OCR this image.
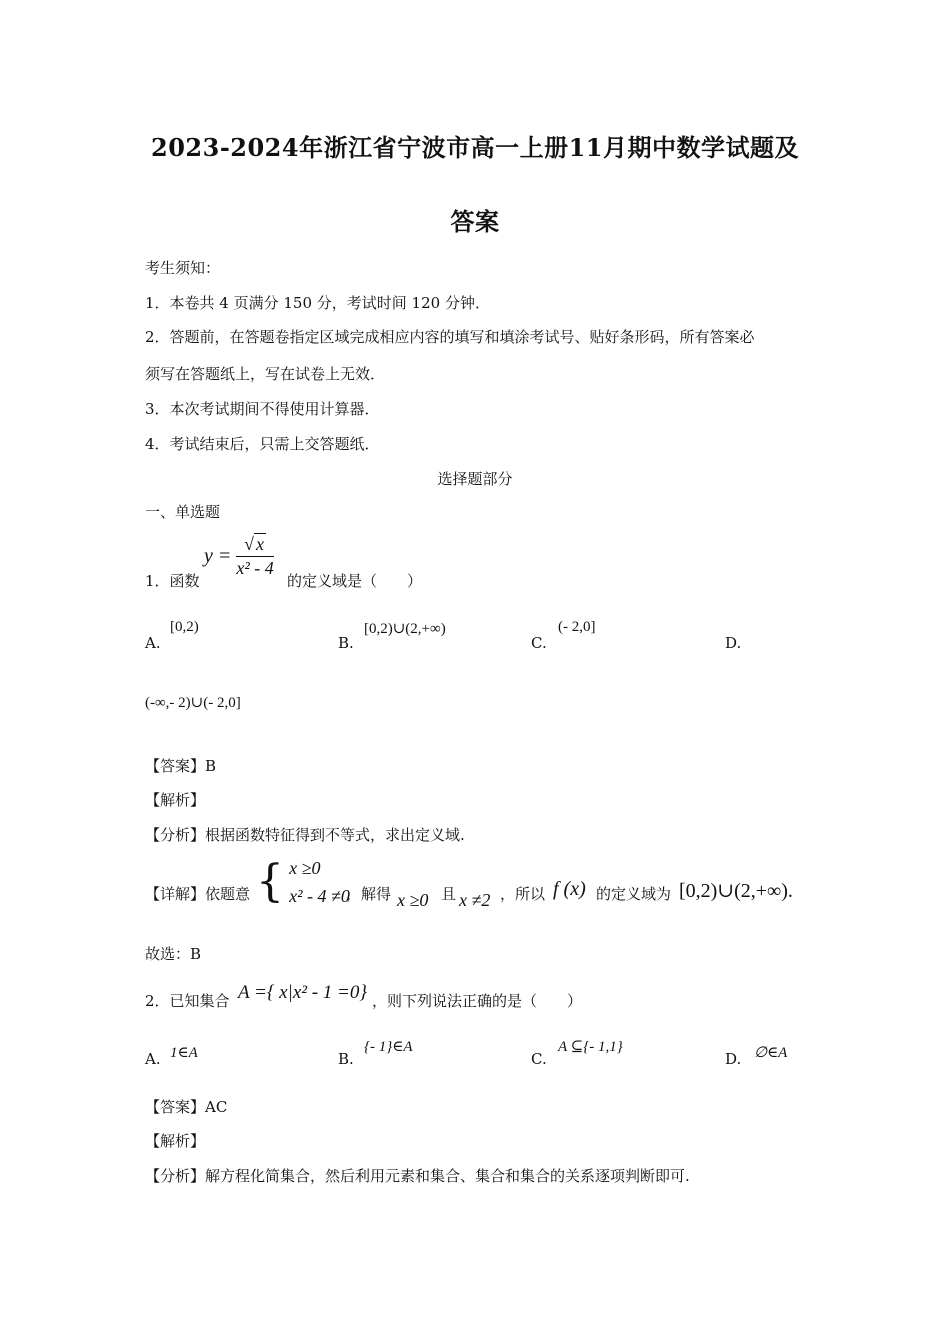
2023-2024年浙江省宁波市高一上册11月期中数学试题及
答案
考生须知：
1．本卷共 4 页满分 150 分，考试时间 120 分钟．
2．答题前，在答题卷指定区域完成相应内容的填写和填涂考试号、贴好条形码，所有答案必
须写在答题纸上，写在试卷上无效．
3．本次考试期间不得使用计算器．
4．考试结束后，只需上交答题纸．
选择题部分
一、单选题
1．函数
$y = \frac{√ x}{\text{x² - 4}}$
的定义域是（　　）
A.
[0,2)
B.
[0,2)∪(2,+∞)
C.
(- 2,0]
D.
(-∞,- 2)∪(- 2,0]
【答案】B
【解析】
【分析】根据函数特征得到不等式，求出定义域.
【详解】依题意 { x ≥0
x² - 4 ≠0
，解得 x ≥0 且 x ≠2 ，所以 f (x) 的定义域为 [0,2)∪(2,+∞).
故选：B
2．已知集合 A ={ x|x² - 1 =0} ，则下列说法正确的是（　　）
A. 1∈A	B.
{- 1}∈A
C.
A ⊆{- 1,1}
D. ∅∈A
【答案】AC
【解析】
【分析】解方程化简集合，然后利用元素和集合、集合和集合的关系逐项判断即可.
